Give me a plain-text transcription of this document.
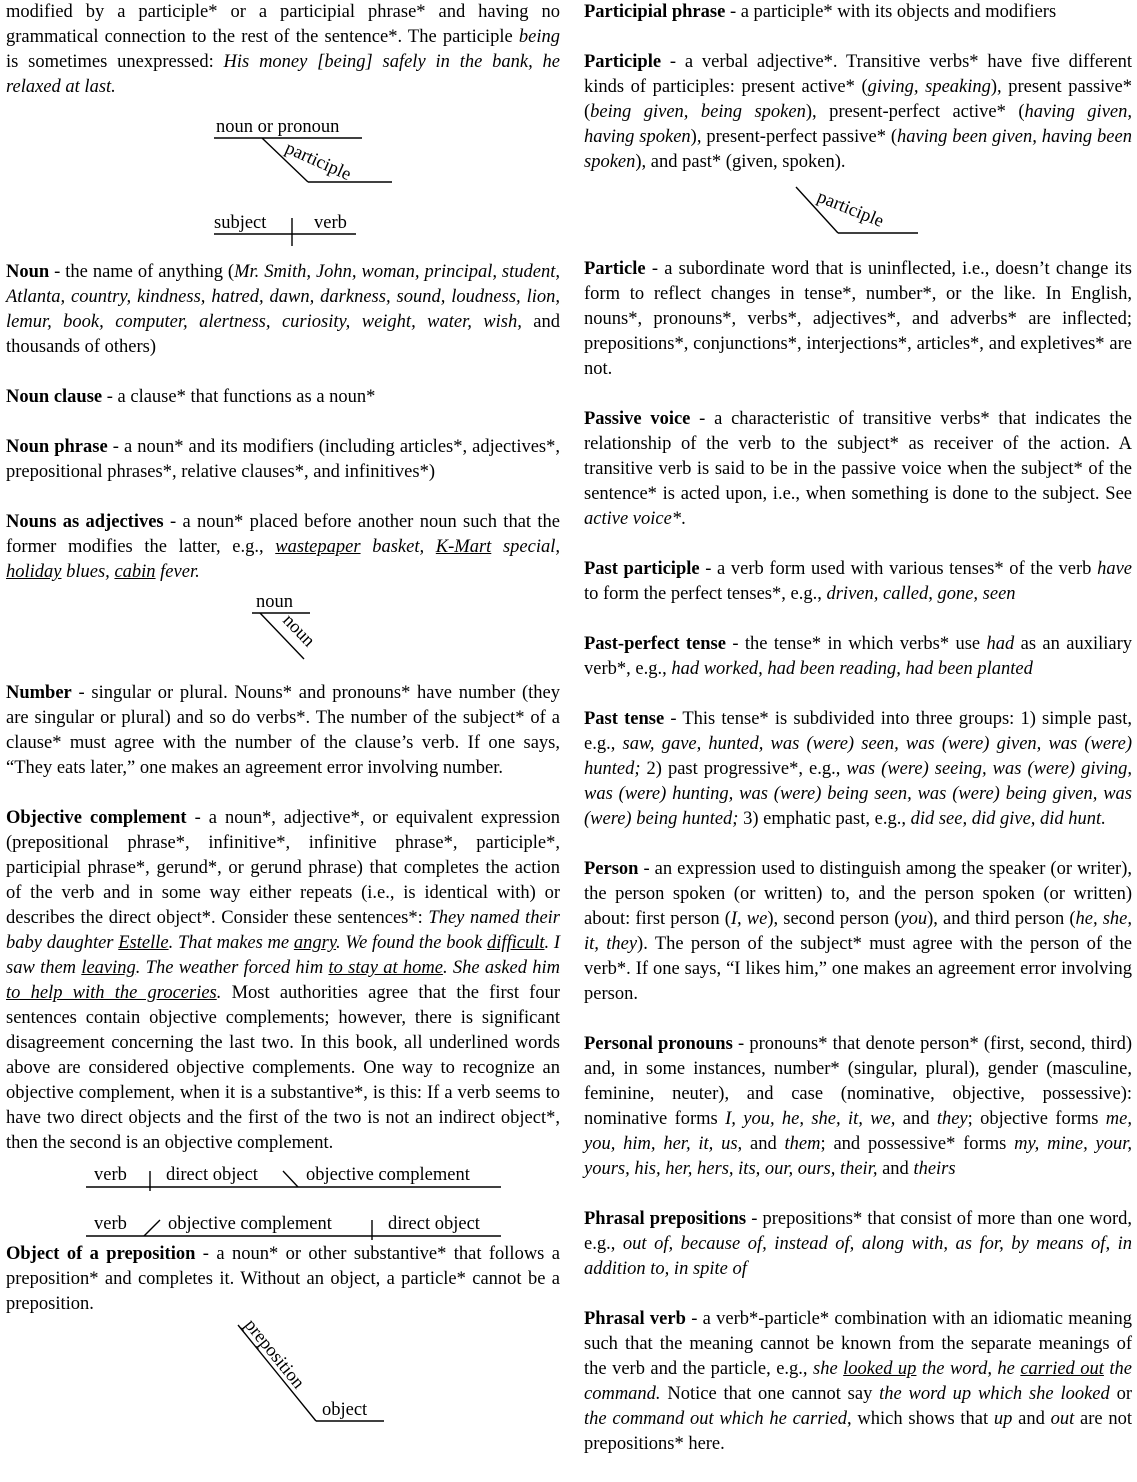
modified by a participle* or a participial phrase* and having no grammatical connection to the rest of the sentence*. The participle being is sometimes unexpressed: His money [being] safely in the bank, he relaxed at last.

noun or pronoun
participle
subject	verb

Noun - the name of anything (Mr. Smith, John, woman, principal, student, Atlanta, country, kindness, hatred, dawn, darkness, sound, loudness, lion, lemur, book, computer, alertness, curiosity, weight, water, wish, and thousands of others)

Noun clause - a clause* that functions as a noun*

Noun phrase - a noun* and its modifiers (including articles*, adjectives*, prepositional phrases*, relative clauses*, and infinitives*)

Nouns as adjectives - a noun* placed before another noun such that the former modifies the latter, e.g., wastepaper basket, K-Mart special, holiday blues, cabin fever.

noun
noun

Number - singular or plural. Nouns* and pronouns* have number (they are singular or plural) and so do verbs*. The number of the subject* of a clause* must agree with the number of the clause’s verb. If one says, “They eats later,” one makes an agreement error involving number.

Objective complement - a noun*, adjective*, or equivalent expression (prepositional phrase*, infinitive*, infinitive phrase*, participle*, participial phrase*, gerund*, or gerund phrase) that completes the action of the verb and in some way either repeats (i.e., is identical with) or describes the direct object*. Consider these sentences*: They named their baby daughter Estelle. That makes me angry. We found the book difficult. I saw them leaving. The weather forced him to stay at home. She asked him to help with the groceries. Most authorities agree that the first four sentences contain objective complements; however, there is significant disagreement concerning the last two. In this book, all underlined words above are considered objective complements. One way to recognize an objective complement, when it is a substantive*, is this: If a verb seems to have two direct objects and the first of the two is not an indirect object*, then the second is an objective complement.

verb direct object	objective complement
verb objective complement	direct object

Object of a preposition - a noun* or other substantive* that follows a preposition* and completes it. Without an object, a particle* cannot be a preposition.

preposition
object

Participial phrase - a participle* with its objects and modifiers

Participle - a verbal adjective*. Transitive verbs* have five different kinds of participles: present active* (giving, speaking), present passive* (being given, being spoken), present-perfect active* (having given, having spoken), present-perfect passive* (having been given, having been spoken), and past* (given, spoken).

participle

Particle - a subordinate word that is uninflected, i.e., doesn’t change its form to reflect changes in tense*, number*, or the like. In English, nouns*, pronouns*, verbs*, adjectives*, and adverbs* are inflected; prepositions*, conjunctions*, interjections*, articles*, and expletives* are not.

Passive voice - a characteristic of transitive verbs* that indicates the relationship of the verb to the subject* as receiver of the action. A transitive verb is said to be in the passive voice when the subject* of the sentence* is acted upon, i.e., when something is done to the subject. See active voice*.

Past participle - a verb form used with various tenses* of the verb have to form the perfect tenses*, e.g., driven, called, gone, seen

Past-perfect tense - the tense* in which verbs* use had as an auxiliary verb*, e.g., had worked, had been reading, had been planted

Past tense - This tense* is subdivided into three groups: 1) simple past, e.g., saw, gave, hunted, was (were) seen, was (were) given, was (were) hunted; 2) past progressive*, e.g., was (were) seeing, was (were) giving, was (were) hunting, was (were) being seen, was (were) being given, was (were) being hunted; 3) emphatic past, e.g., did see, did give, did hunt.

Person - an expression used to distinguish among the speaker (or writer), the person spoken (or written) to, and the person spoken (or written) about: first person (I, we), second person (you), and third person (he, she, it, they). The person of the subject* must agree with the person of the verb*. If one says, “I likes him,” one makes an agreement error involving person.

Personal pronouns - pronouns* that denote person* (first, second, third) and, in some instances, number* (singular, plural), gender (masculine, feminine, neuter), and case (nominative, objective, possessive): nominative forms I, you, he, she, it, we, and they; objective forms me, you, him, her, it, us, and them; and possessive* forms my, mine, your, yours, his, her, hers, its, our, ours, their, and theirs

Phrasal prepositions - prepositions* that consist of more than one word, e.g., out of, because of, instead of, along with, as for, by means of, in addition to, in spite of

Phrasal verb - a verb*-particle* combination with an idiomatic meaning such that the meaning cannot be known from the separate meanings of the verb and the particle, e.g., she looked up the word, he carried out the command. Notice that one cannot say the word up which she looked or the command out which he carried, which shows that up and out are not prepositions* here.
